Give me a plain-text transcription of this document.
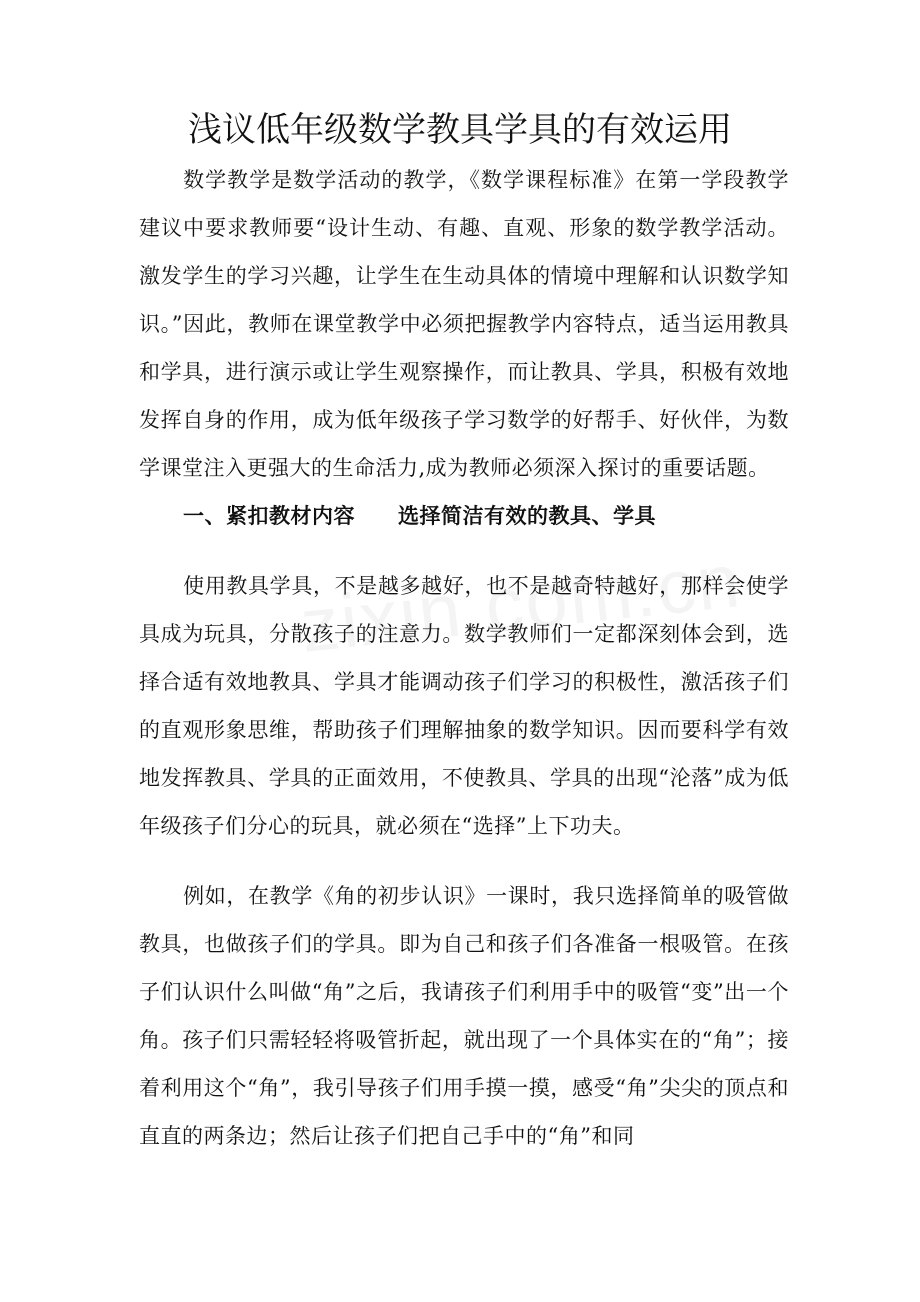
浅议低年级数学教具学具的有效运用

数学教学是数学活动的教学，《数学课程标准》在第一学段教学建议中要求教师要“设计生动、有趣、直观、形象的数学教学活动。激发学生的学习兴趣，让学生在生动具体的情境中理解和认识数学知识。”因此，教师在课堂教学中必须把握教学内容特点，适当运用教具和学具，进行演示或让学生观察操作，而让教具、学具，积极有效地发挥自身的作用，成为低年级孩子学习数学的好帮手、好伙伴，为数学课堂注入更强大的生命活力,成为教师必须深入探讨的重要话题。

一、紧扣教材内容　　选择简洁有效的教具、学具

使用教具学具，不是越多越好，也不是越奇特越好，那样会使学具成为玩具，分散孩子的注意力。数学教师们一定都深刻体会到，选择合适有效地教具、学具才能调动孩子们学习的积极性，激活孩子们的直观形象思维，帮助孩子们理解抽象的数学知识。因而要科学有效地发挥教具、学具的正面效用，不使教具、学具的出现“沦落”成为低年级孩子们分心的玩具，就必须在“选择”上下功夫。

例如，在教学《角的初步认识》一课时，我只选择简单的吸管做教具，也做孩子们的学具。即为自己和孩子们各准备一根吸管。在孩子们认识什么叫做“角”之后，我请孩子们利用手中的吸管“变”出一个角。孩子们只需轻轻将吸管折起，就出现了一个具体实在的“角”；接着利用这个“角”，我引导孩子们用手摸一摸，感受“角”尖尖的顶点和直直的两条边；然后让孩子们把自己手中的“角”和同
